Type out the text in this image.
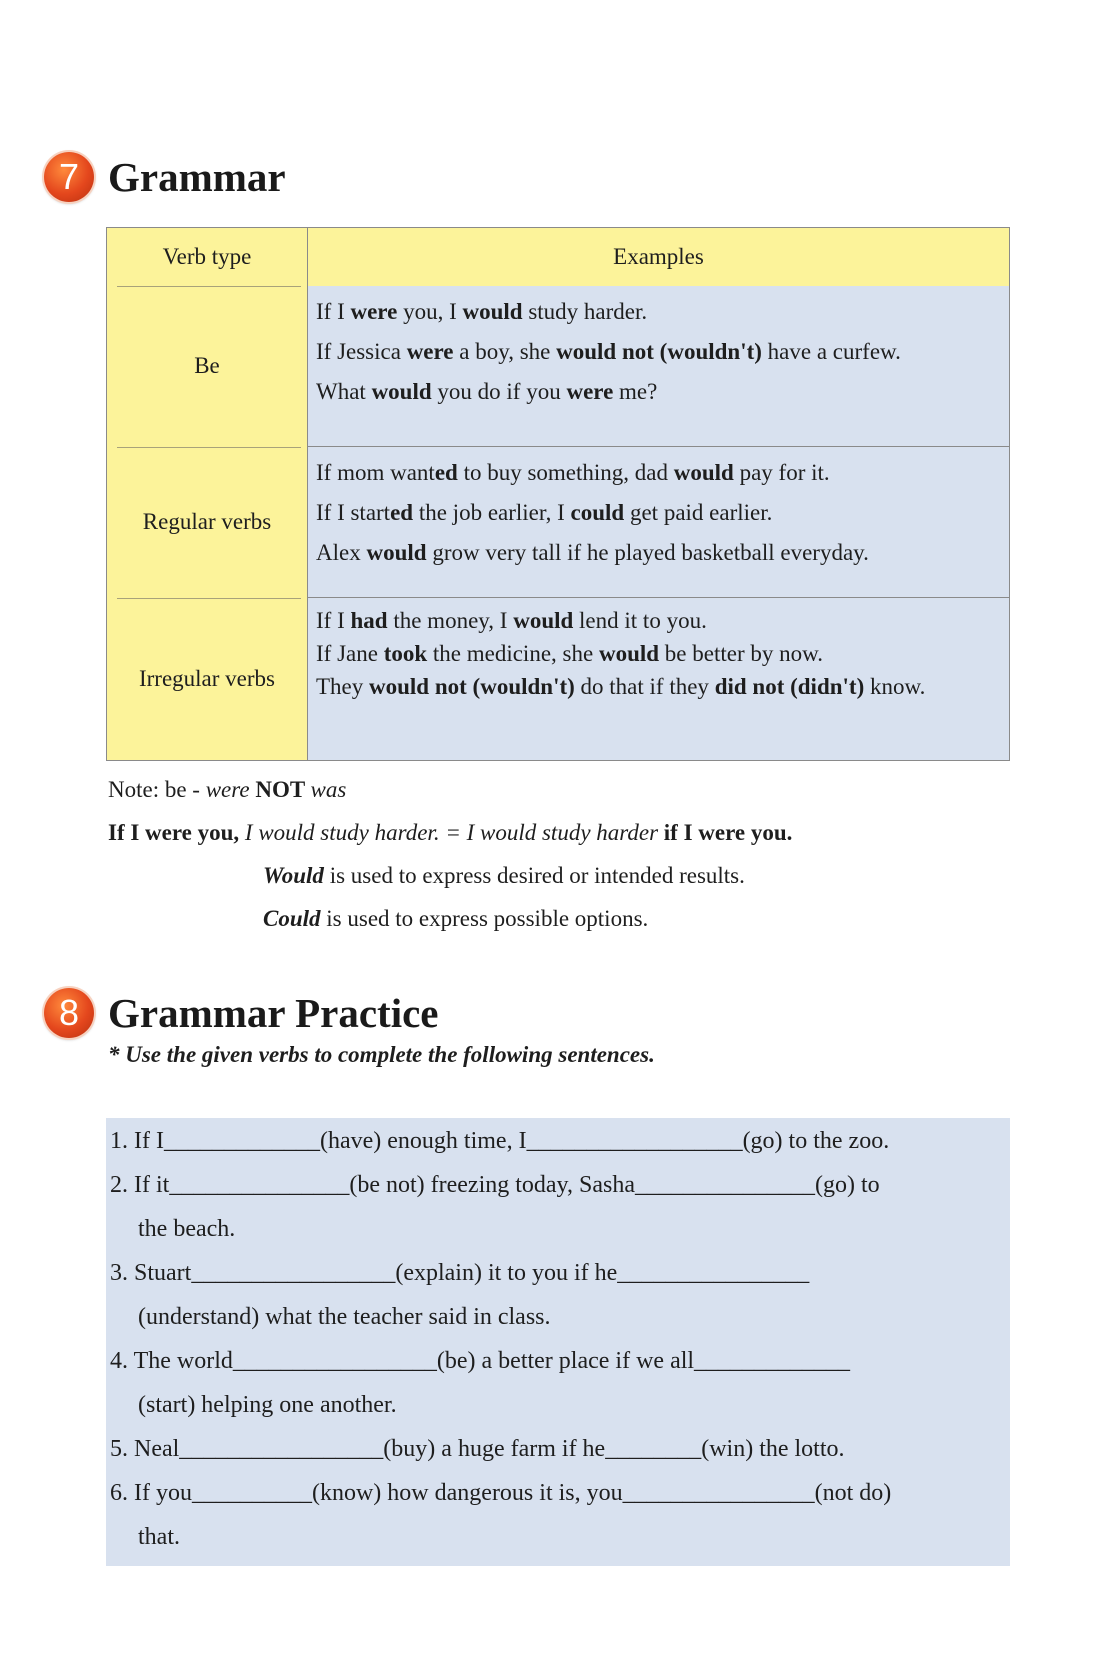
7 Grammar
Verb type	Examples
Be	If I were you, I would study harder.
If Jessica were a boy, she would not (wouldn't) have a curfew.
What would you do if you were me?

Regular verbs	If mom wanted to buy something, dad would pay for it.
If I started the job earlier, I could get paid earlier.
Alex would grow very tall if he played basketball everyday.

Irregular verbs	If I had the money, I would lend it to you.
If Jane took the medicine, she would be better by now.
They would not (wouldn't) do that if they did not (didn't) know.
Note: be - were NOT was
If I were you, I would study harder. = I would study harder if I were you.
Would is used to express desired or intended results.
Could is used to express possible options.
8 Grammar Practice
* Use the given verbs to complete the following sentences.
1. If I_____________(have) enough time, I__________________(go) to the zoo.
2. If it_______________(be not) freezing today, Sasha_______________(go) to
the beach.
3. Stuart_________________(explain) it to you if he________________
(understand) what the teacher said in class.
4. The world_________________(be) a better place if we all_____________
(start) helping one another.
5. Neal_________________(buy) a huge farm if he________(win) the lotto.
6. If you__________(know) how dangerous it is, you________________(not do)
that.
